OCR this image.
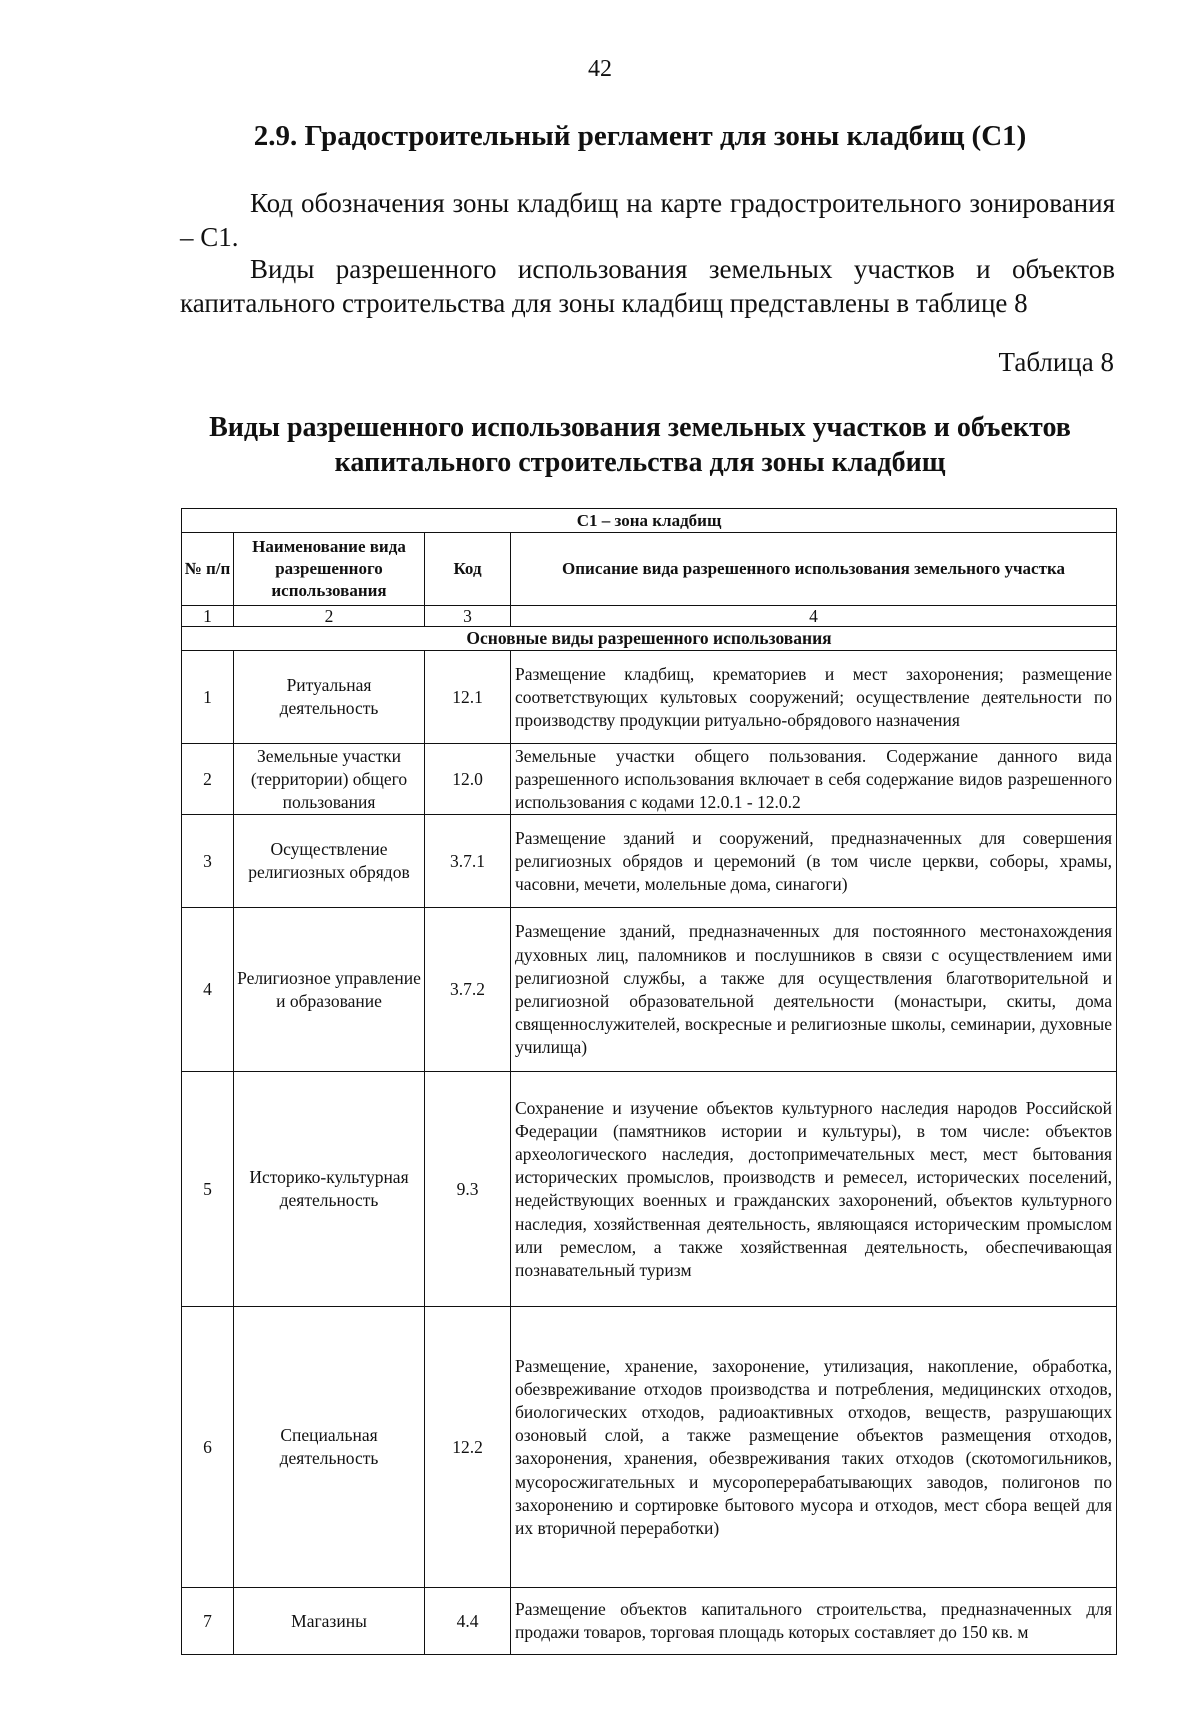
42
2.9. Градостроительный регламент для зоны кладбищ (С1)
Код обозначения зоны кладбищ на карте градостроительного зонирования – С1.
Виды разрешенного использования земельных участков и объектов капитального строительства для зоны кладбищ представлены в таблице 8
Таблица 8
Виды разрешенного использования земельных участков и объектов капитального строительства для зоны кладбищ
С1 – зона кладбищ			
№ п/п	Наименование вида разрешенного использования	Код	Описание вида разрешенного использования земельного участка
1	2	3	4
Основные виды разрешенного использования			
1	Ритуальная деятельность	12.1	Размещение кладбищ, крематориев и мест захоронения; размещение соответствующих культовых сооружений; осуществление деятельности по производству продукции ритуально-обрядового назначения
2	Земельные участки (территории) общего пользования	12.0	Земельные участки общего пользования. Содержание данного вида разрешенного использования включает в себя содержание видов разрешенного использования с кодами 12.0.1 - 12.0.2
3	Осуществление религиозных обрядов	3.7.1	Размещение зданий и сооружений, предназначенных для совершения религиозных обрядов и церемоний (в том числе церкви, соборы, храмы, часовни, мечети, молельные дома, синагоги)
4	Религиозное управление и образование	3.7.2	Размещение зданий, предназначенных для постоянного местонахождения духовных лиц, паломников и послушников в связи с осуществлением ими религиозной службы, а также для осуществления благотворительной и религиозной образовательной деятельности (монастыри, скиты, дома священнослужителей, воскресные и религиозные школы, семинарии, духовные училища)
5	Историко-культурная деятельность	9.3	Сохранение и изучение объектов культурного наследия народов Российской Федерации (памятников истории и культуры), в том числе: объектов археологического наследия, достопримечательных мест, мест бытования исторических промыслов, производств и ремесел, исторических поселений, недействующих военных и гражданских захоронений, объектов культурного наследия, хозяйственная деятельность, являющаяся историческим промыслом или ремеслом, а также хозяйственная деятельность, обеспечивающая познавательный туризм
6	Специальная деятельность	12.2	Размещение, хранение, захоронение, утилизация, накопление, обработка, обезвреживание отходов производства и потребления, медицинских отходов, биологических отходов, радиоактивных отходов, веществ, разрушающих озоновый слой, а также размещение объектов размещения отходов, захоронения, хранения, обезвреживания таких отходов (скотомогильников, мусоросжигательных и мусороперерабатывающих заводов, полигонов по захоронению и сортировке бытового мусора и отходов, мест сбора вещей для их вторичной переработки)
7	Магазины	4.4	Размещение объектов капитального строительства, предназначенных для продажи товаров, торговая площадь которых составляет до 150 кв. м
